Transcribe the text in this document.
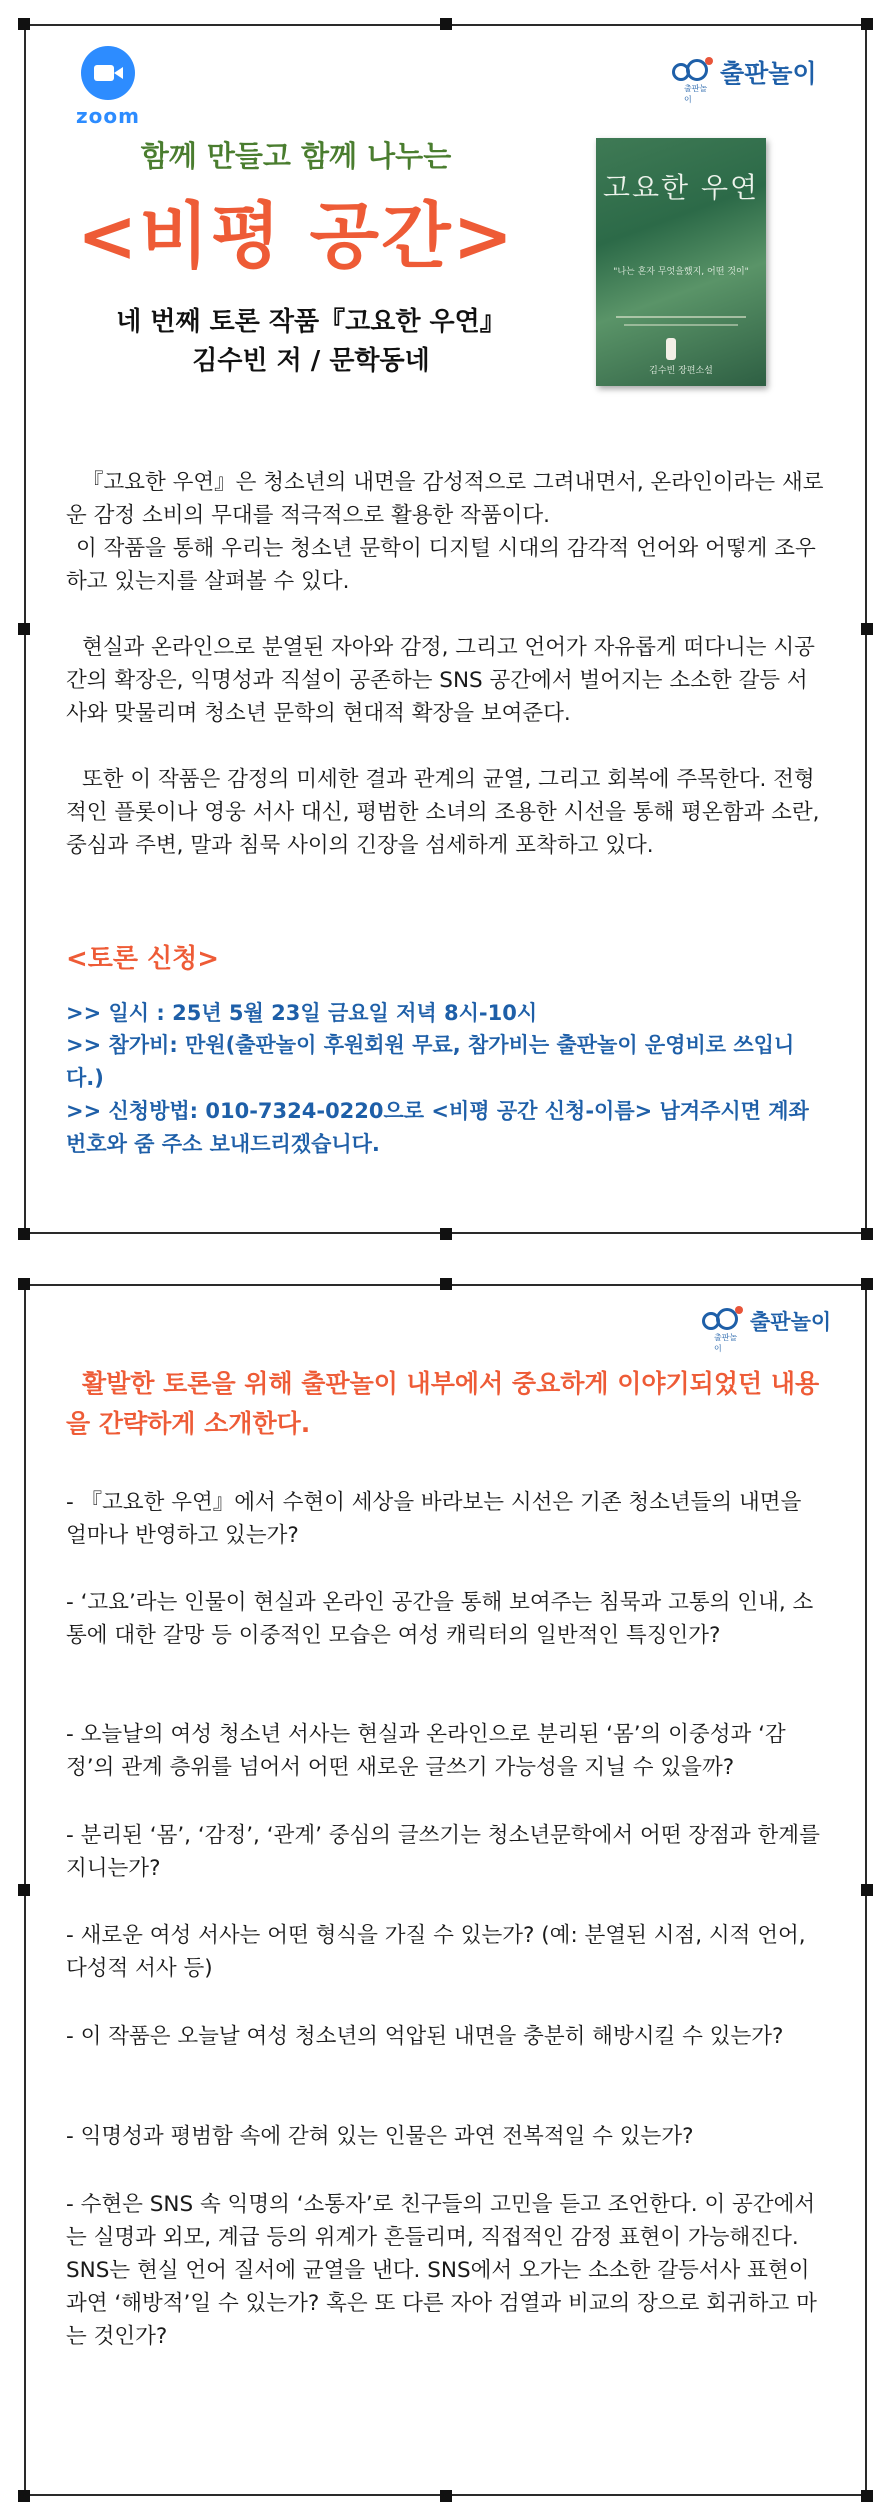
zoom
출판놀이
출판놀이
함께 만들고 함께 나누는
<비평 공간>
네 번째 토론 작품『고요한 우연』
김수빈 저 / 문학동네
고요한 우연
"나는 혼자 무엇을했지, 어떤 것이"
김수빈 장편소설

『고요한 우연』은 청소년의 내면을 감성적으로 그려내면서, 온라인이라는 새로운 감정 소비의 무대를 적극적으로 활용한 작품이다.

이 작품을 통해 우리는 청소년 문학이 디지털 시대의 감각적 언어와 어떻게 조우하고 있는지를 살펴볼 수 있다.

현실과 온라인으로 분열된 자아와 감정, 그리고 언어가 자유롭게 떠다니는 시공간의 확장은, 익명성과 직설이 공존하는 SNS 공간에서 벌어지는 소소한 갈등 서사와 맞물리며 청소년 문학의 현대적 확장을 보여준다.

또한 이 작품은 감정의 미세한 결과 관계의 균열, 그리고 회복에 주목한다. 전형적인 플롯이나 영웅 서사 대신, 평범한 소녀의 조용한 시선을 통해 평온함과 소란, 중심과 주변, 말과 침묵 사이의 긴장을 섬세하게 포착하고 있다.

<토론 신청>

>> 일시 : 25년 5월 23일 금요일 저녁 8시-10시

>> 참가비: 만원(출판놀이 후원회원 무료, 참가비는 출판놀이 운영비로 쓰입니다.)

>> 신청방법: 010-7324-0220으로 <비평 공간 신청-이름> 남겨주시면 계좌번호와 줌 주소 보내드리겠습니다.

출판놀이
출판놀이

활발한 토론을 위해 출판놀이 내부에서 중요하게 이야기되었던 내용을 간략하게 소개한다.

- 『고요한 우연』에서 수현이 세상을 바라보는 시선은 기존 청소년들의 내면을 얼마나 반영하고 있는가?

- ‘고요’라는 인물이 현실과 온라인 공간을 통해 보여주는 침묵과 고통의 인내, 소통에 대한 갈망 등 이중적인 모습은 여성 캐릭터의 일반적인 특징인가?

- 오늘날의 여성 청소년 서사는 현실과 온라인으로 분리된 ‘몸’의 이중성과 ‘감정’의 관계 층위를 넘어서 어떤 새로운 글쓰기 가능성을 지닐 수 있을까?

- 분리된 ‘몸’, ‘감정’, ‘관계’ 중심의 글쓰기는 청소년문학에서 어떤 장점과 한계를 지니는가?

- 새로운 여성 서사는 어떤 형식을 가질 수 있는가? (예: 분열된 시점, 시적 언어, 다성적 서사 등)

- 이 작품은 오늘날 여성 청소년의 억압된 내면을 충분히 해방시킬 수 있는가?

- 익명성과 평범함 속에 갇혀 있는 인물은 과연 전복적일 수 있는가?

- 수현은 SNS 속 익명의 ‘소통자’로 친구들의 고민을 듣고 조언한다. 이 공간에서는 실명과 외모, 계급 등의 위계가 흔들리며, 직접적인 감정 표현이 가능해진다. SNS는 현실 언어 질서에 균열을 낸다. SNS에서 오가는 소소한 갈등서사 표현이 과연 ‘해방적’일 수 있는가? 혹은 또 다른 자아 검열과 비교의 장으로 회귀하고 마는 것인가?
